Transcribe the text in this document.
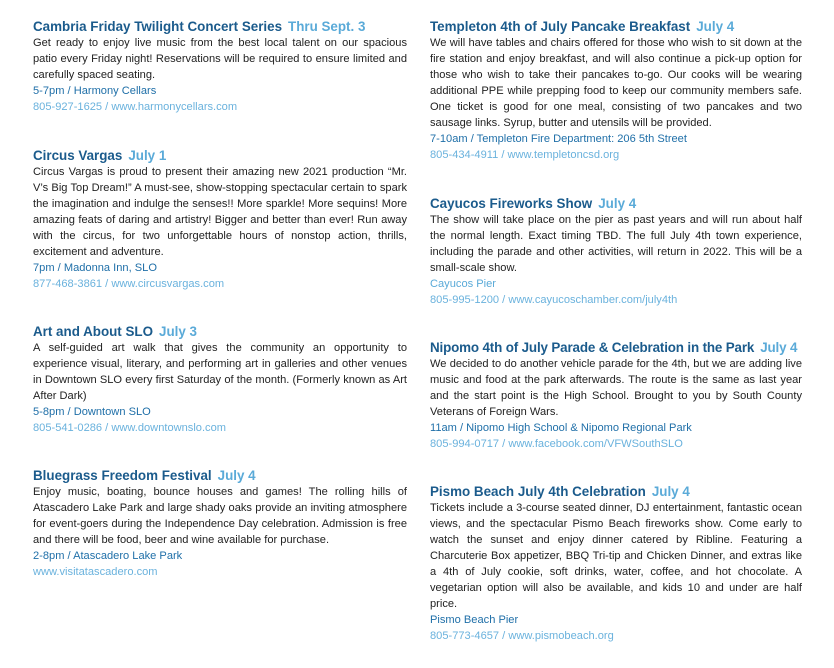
Cambria Friday Twilight Concert Series Thru Sept. 3

Get ready to enjoy live music from the best local talent on our spacious patio every Friday night! Reservations will be required to ensure limited and carefully spaced seating.

5-7pm / Harmony Cellars

805-927-1625 / www.harmonycellars.com

Circus Vargas July 1

Circus Vargas is proud to present their amazing new 2021 production “Mr. V’s Big Top Dream!” A must-see, show-stopping spectacular certain to spark the imagination and indulge the senses!! More sparkle! More sequins! More amazing feats of daring and artistry! Bigger and better than ever! Run away with the circus, for two unforgettable hours of nonstop action, thrills, excitement and adventure.

7pm / Madonna Inn, SLO

877-468-3861 / www.circusvargas.com

Art and About SLO July 3

A self-guided art walk that gives the community an opportunity to experience visual, literary, and performing art in galleries and other venues in Downtown SLO every first Saturday of the month. (Formerly known as Art After Dark)

5-8pm / Downtown SLO

805-541-0286 / www.downtownslo.com

Bluegrass Freedom Festival July 4

Enjoy music, boating, bounce houses and games! The rolling hills of Atascadero Lake Park and large shady oaks provide an inviting atmosphere for event-goers during the Independence Day celebration. Admission is free and there will be food, beer and wine available for purchase.

2-8pm / Atascadero Lake Park

www.visitatascadero.com

Templeton 4th of July Pancake Breakfast July 4

We will have tables and chairs offered for those who wish to sit down at the fire station and enjoy breakfast, and will also continue a pick-up option for those who wish to take their pancakes to-go. Our cooks will be wearing additional PPE while prepping food to keep our community members safe. One ticket is good for one meal, consisting of two pancakes and two sausage links. Syrup, butter and utensils will be provided.

7-10am / Templeton Fire Department: 206 5th Street

805-434-4911 / www.templetoncsd.org

Cayucos Fireworks Show July 4

The show will take place on the pier as past years and will run about half the normal length. Exact timing TBD. The full July 4th town experience, including the parade and other activities, will return in 2022. This will be a small-scale show.

Cayucos Pier

805-995-1200 / www.cayucoschamber.com/july4th

Nipomo 4th of July Parade & Celebration in the Park July 4

We decided to do another vehicle parade for the 4th, but we are adding live music and food at the park afterwards. The route is the same as last year and the start point is the High School. Brought to you by South County Veterans of Foreign Wars.

11am / Nipomo High School & Nipomo Regional Park

805-994-0717 / www.facebook.com/VFWSouthSLO

Pismo Beach July 4th Celebration July 4

Tickets include a 3-course seated dinner, DJ entertainment, fantastic ocean views, and the spectacular Pismo Beach fireworks show. Come early to watch the sunset and enjoy dinner catered by Ribline. Featuring a Charcuterie Box appetizer, BBQ Tri-tip and Chicken Dinner, and extras like a 4th of July cookie, soft drinks, water, coffee, and hot chocolate. A vegetarian option will also be available, and kids 10 and under are half price.

Pismo Beach Pier

805-773-4657 / www.pismobeach.org
